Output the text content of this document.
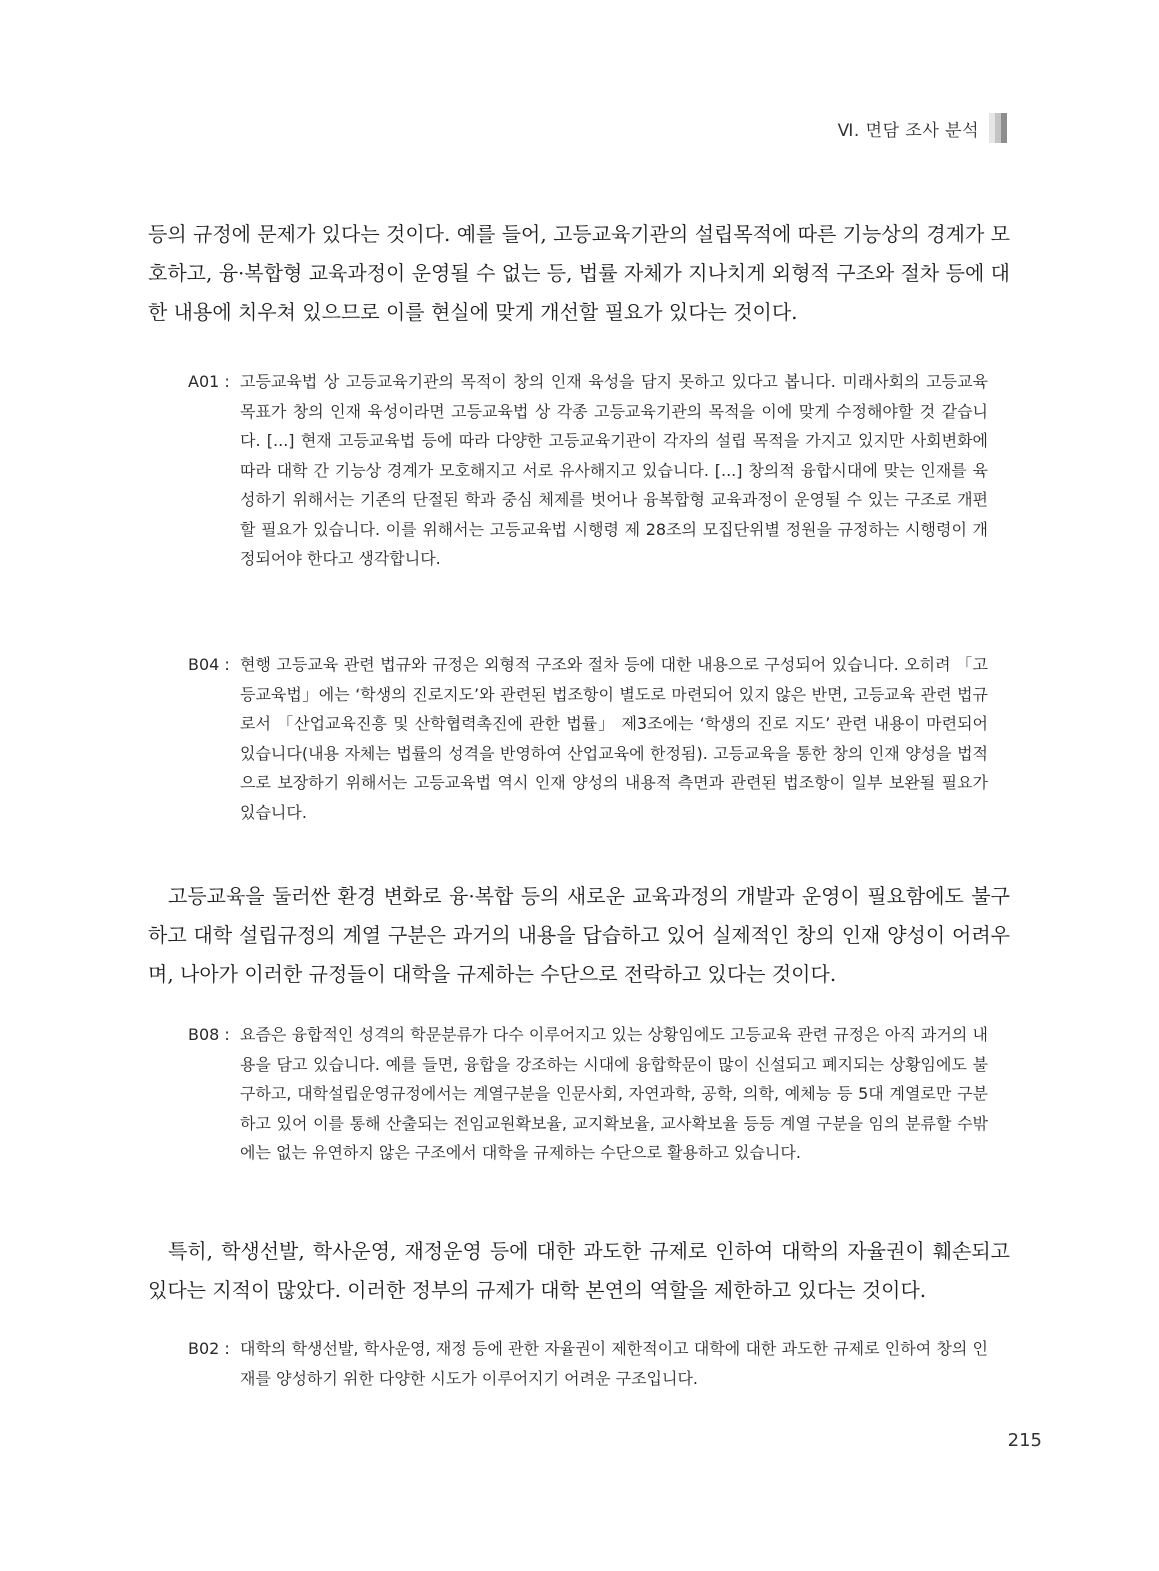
Ⅵ. 면담 조사 분석

등의 규정에 문제가 있다는 것이다. 예를 들어, 고등교육기관의 설립목적에 따른 기능상의 경계가 모호하고, 융·복합형 교육과정이 운영될 수 없는 등, 법률 자체가 지나치게 외형적 구조와 절차 등에 대한 내용에 치우쳐 있으므로 이를 현실에 맞게 개선할 필요가 있다는 것이다.

A01 : 고등교육법 상 고등교육기관의 목적이 창의 인재 육성을 담지 못하고 있다고 봅니다. 미래사회의 고등교육 목표가 창의 인재 육성이라면 고등교육법 상 각종 고등교육기관의 목적을 이에 맞게 수정해야할 것 같습니다. [...] 현재 고등교육법 등에 따라 다양한 고등교육기관이 각자의 설립 목적을 가지고 있지만 사회변화에 따라 대학 간 기능상 경계가 모호해지고 서로 유사해지고 있습니다. [...] 창의적 융합시대에 맞는 인재를 육성하기 위해서는 기존의 단절된 학과 중심 체제를 벗어나 융복합형 교육과정이 운영될 수 있는 구조로 개편할 필요가 있습니다. 이를 위해서는 고등교육법 시행령 제 28조의 모집단위별 정원을 규정하는 시행령이 개정되어야 한다고 생각합니다.

B04 : 현행 고등교육 관련 법규와 규정은 외형적 구조와 절차 등에 대한 내용으로 구성되어 있습니다. 오히려 「고등교육법」에는 ‘학생의 진로지도’와 관련된 법조항이 별도로 마련되어 있지 않은 반면, 고등교육 관련 법규로서 「산업교육진흥 및 산학협력촉진에 관한 법률」 제3조에는 ‘학생의 진로 지도’ 관련 내용이 마련되어 있습니다(내용 자체는 법률의 성격을 반영하여 산업교육에 한정됨). 고등교육을 통한 창의 인재 양성을 법적으로 보장하기 위해서는 고등교육법 역시 인재 양성의 내용적 측면과 관련된 법조항이 일부 보완될 필요가 있습니다.

고등교육을 둘러싼 환경 변화로 융·복합 등의 새로운 교육과정의 개발과 운영이 필요함에도 불구하고 대학 설립규정의 계열 구분은 과거의 내용을 답습하고 있어 실제적인 창의 인재 양성이 어려우며, 나아가 이러한 규정들이 대학을 규제하는 수단으로 전락하고 있다는 것이다.

B08 : 요즘은 융합적인 성격의 학문분류가 다수 이루어지고 있는 상황임에도 고등교육 관련 규정은 아직 과거의 내용을 담고 있습니다. 예를 들면, 융합을 강조하는 시대에 융합학문이 많이 신설되고 폐지되는 상황임에도 불구하고, 대학설립운영규정에서는 계열구분을 인문사회, 자연과학, 공학, 의학, 예체능 등 5대 계열로만 구분하고 있어 이를 통해 산출되는 전임교원확보율, 교지확보율, 교사확보율 등등 계열 구분을 임의 분류할 수밖에는 없는 유연하지 않은 구조에서 대학을 규제하는 수단으로 활용하고 있습니다.

특히, 학생선발, 학사운영, 재정운영 등에 대한 과도한 규제로 인하여 대학의 자율권이 훼손되고 있다는 지적이 많았다. 이러한 정부의 규제가 대학 본연의 역할을 제한하고 있다는 것이다.

B02 : 대학의 학생선발, 학사운영, 재정 등에 관한 자율권이 제한적이고 대학에 대한 과도한 규제로 인하여 창의 인재를 양성하기 위한 다양한 시도가 이루어지기 어려운 구조입니다.

215
